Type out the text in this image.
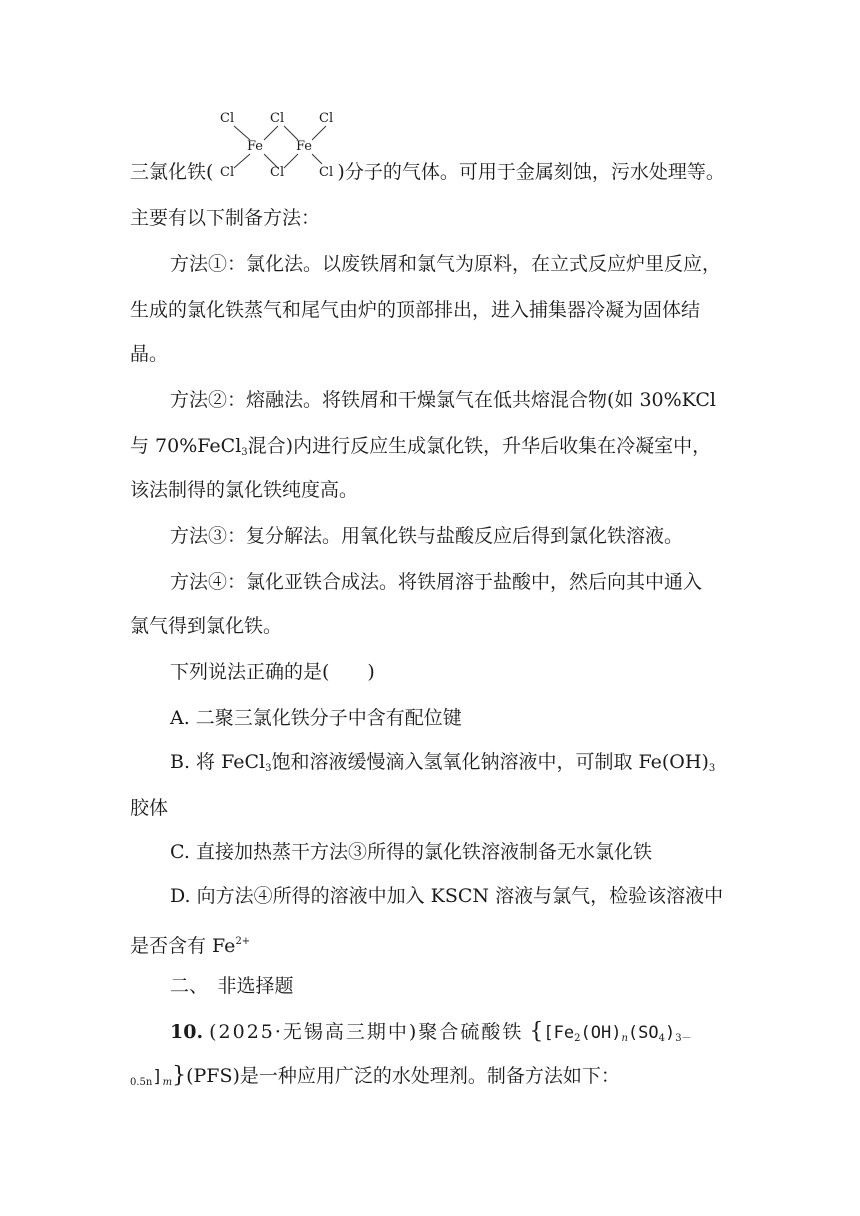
Cl	Cl	Cl
Fe	Fe
Cl	Cl	Cl
三氯化铁(	)分子的气体。可用于金属刻蚀，污水处理等。
主要有以下制备方法：
方法①：氯化法。以废铁屑和氯气为原料，在立式反应炉里反应，
生成的氯化铁蒸气和尾气由炉的顶部排出，进入捕集器冷凝为固体结
晶。
方法②：熔融法。将铁屑和干燥氯气在低共熔混合物(如 30%KCl
与 70%FeCl$_3$混合)内进行反应生成氯化铁，升华后收集在冷凝室中，
该法制得的氯化铁纯度高。
方法③：复分解法。用氧化铁与盐酸反应后得到氯化铁溶液。
方法④：氯化亚铁合成法。将铁屑溶于盐酸中，然后向其中通入
氯气得到氯化铁。
下列说法正确的是(　　)
A. 二聚三氯化铁分子中含有配位键
B. 将 FeCl$_3$饱和溶液缓慢滴入氢氧化钠溶液中，可制取 $Fe(OH)_3$
胶体
C. 直接加热蒸干方法③所得的氯化铁溶液制备无水氯化铁
D. 向方法④所得的溶液中加入 KSCN 溶液与氯气，检验该溶液中
是否含有 $Fe^{2+}$
二、　非选择题
10. (2025·无锡高三期中)聚合硫酸铁 {[$Fe_2(OH)_n(SO_4)_{3-}$
$_{0.5n}]_m\}(PFS)$是一种应用广泛的水处理剂。制备方法如下：
